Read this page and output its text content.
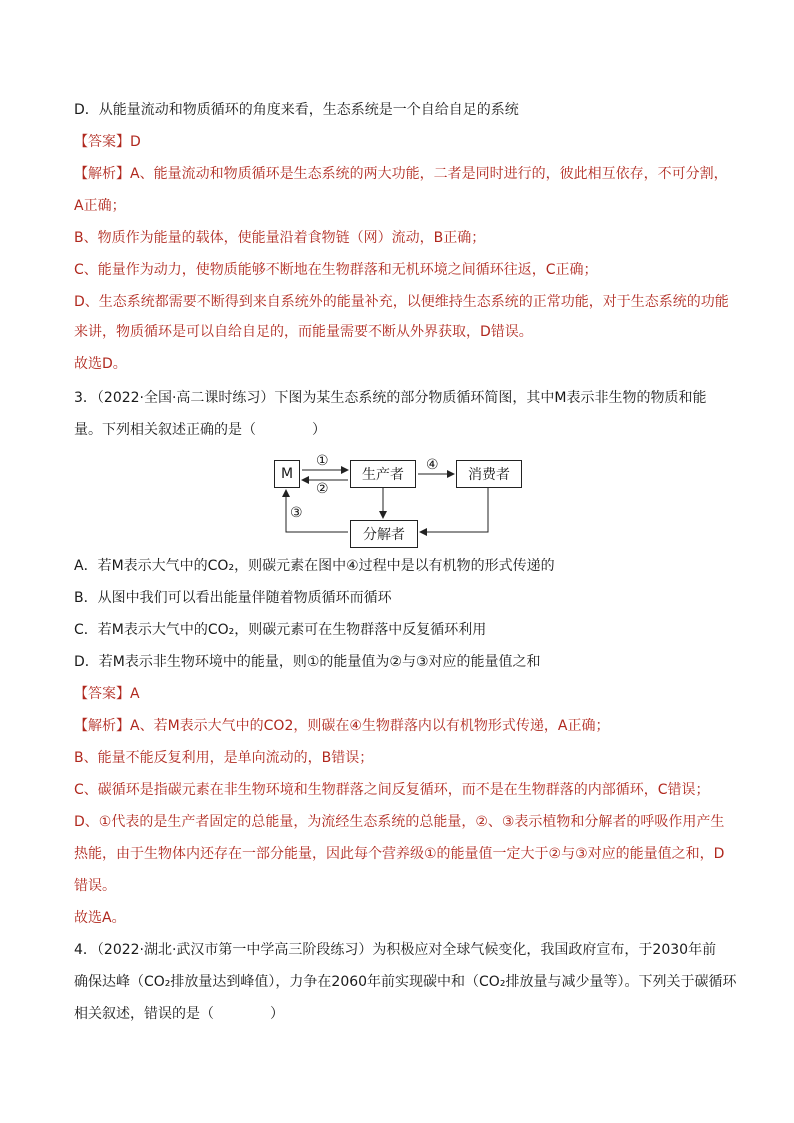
D．从能量流动和物质循环的角度来看，生态系统是一个自给自足的系统
【答案】D
【解析】A、能量流动和物质循环是生态系统的两大功能，二者是同时进行的，彼此相互依存，不可分割，
A正确；
B、物质作为能量的载体，使能量沿着食物链（网）流动，B正确；
C、能量作为动力，使物质能够不断地在生物群落和无机环境之间循环往返，C正确；
D、生态系统都需要不断得到来自系统外的能量补充，以便维持生态系统的正常功能，对于生态系统的功能
来讲，物质循环是可以自给自足的，而能量需要不断从外界获取，D错误。
故选D。
3．（2022·全国·高二课时练习）下图为某生态系统的部分物质循环简图，其中M表示非生物的物质和能
量。下列相关叙述正确的是（　　　　）
M	生产者	消费者
分解者
①
②
④
③
A．若M表示大气中的CO₂，则碳元素在图中④过程中是以有机物的形式传递的
B．从图中我们可以看出能量伴随着物质循环而循环
C．若M表示大气中的CO₂，则碳元素可在生物群落中反复循环利用
D．若M表示非生物环境中的能量，则①的能量值为②与③对应的能量值之和
【答案】A
【解析】A、若M表示大气中的CO2，则碳在④生物群落内以有机物形式传递，A正确；
B、能量不能反复利用，是单向流动的，B错误；
C、碳循环是指碳元素在非生物环境和生物群落之间反复循环，而不是在生物群落的内部循环，C错误；
D、①代表的是生产者固定的总能量，为流经生态系统的总能量，②、③表示植物和分解者的呼吸作用产生
热能，由于生物体内还存在一部分能量，因此每个营养级①的能量值一定大于②与③对应的能量值之和，D
错误。
故选A。
4．（2022·湖北·武汉市第一中学高三阶段练习）为积极应对全球气候变化，我国政府宣布，于2030年前
确保达峰（CO₂排放量达到峰值），力争在2060年前实现碳中和（CO₂排放量与减少量等）。下列关于碳循环
相关叙述，错误的是（　　　　）
